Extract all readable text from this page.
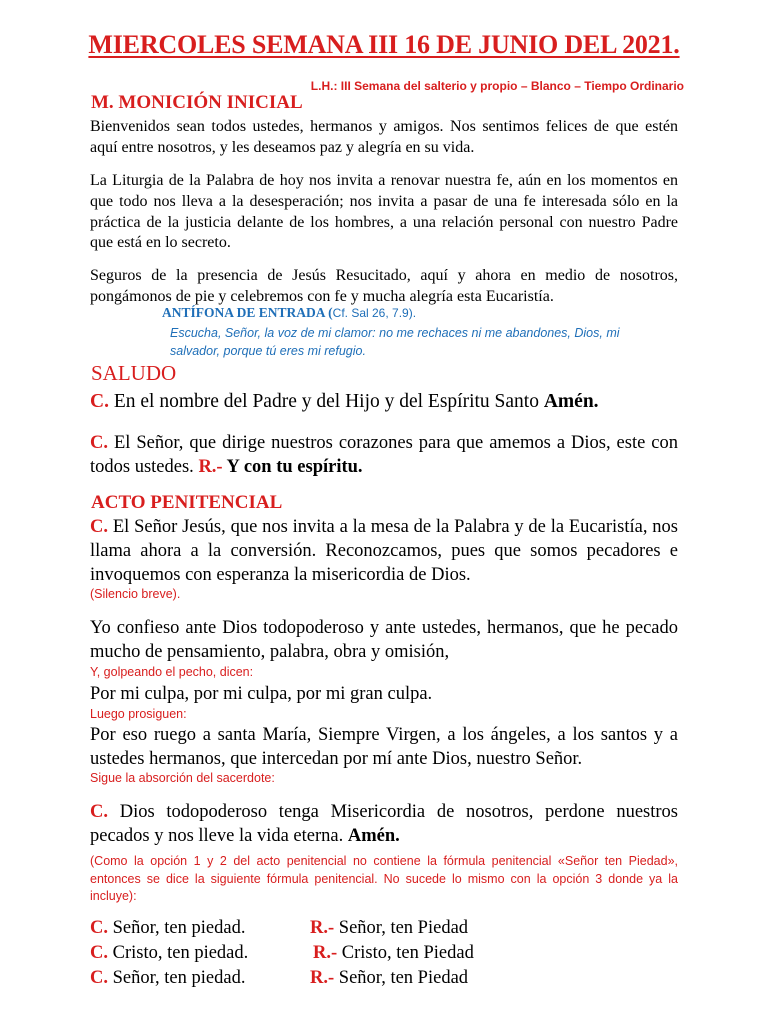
MIERCOLES SEMANA III 16 DE JUNIO DEL 2021.
L.H.: III Semana del salterio y propio – Blanco – Tiempo Ordinario
M. MONICIÓN INICIAL
Bienvenidos sean todos ustedes, hermanos y amigos. Nos sentimos felices de que estén aquí entre nosotros, y les deseamos paz y alegría en su vida.
La Liturgia de la Palabra de hoy nos invita a renovar nuestra fe, aún en los momentos en que todo nos lleva a la desesperación; nos invita a pasar de una fe interesada sólo en la práctica de la justicia delante de los hombres, a una relación personal con nuestro Padre que está en lo secreto.
Seguros de la presencia de Jesús Resucitado, aquí y ahora en medio de nosotros, pongámonos de pie y celebremos con fe y mucha alegría esta Eucaristía.
ANTÍFONA DE ENTRADA (Cf. Sal 26, 7.9).
Escucha, Señor, la voz de mi clamor: no me rechaces ni me abandones, Dios, mi salvador, porque tú eres mi refugio.
SALUDO
C. En el nombre del Padre y del Hijo y del Espíritu Santo Amén.
C. El Señor, que dirige nuestros corazones para que amemos a Dios, este con todos ustedes. R.- Y con tu espíritu.
ACTO PENITENCIAL
C. El Señor Jesús, que nos invita a la mesa de la Palabra y de la Eucaristía, nos llama ahora a la conversión. Reconozcamos, pues que somos pecadores e invoquemos con esperanza la misericordia de Dios.
(Silencio breve).
Yo confieso ante Dios todopoderoso y ante ustedes, hermanos, que he pecado mucho de pensamiento, palabra, obra y omisión,
Y, golpeando el pecho, dicen:
Por mi culpa, por mi culpa, por mi gran culpa.
Luego prosiguen:
Por eso ruego a santa María, Siempre Virgen, a los ángeles, a los santos y a ustedes hermanos, que intercedan por mí ante Dios, nuestro Señor.
Sigue la absorción del sacerdote:
C. Dios todopoderoso tenga Misericordia de nosotros, perdone nuestros pecados y nos lleve la vida eterna. Amén.
(Como la opción 1 y 2 del acto penitencial no contiene la fórmula penitencial «Señor ten Piedad», entonces se dice la siguiente fórmula penitencial. No sucede lo mismo con la opción 3 donde ya la incluye):
C. Señor, ten piedad.	R.- Señor, ten Piedad
C. Cristo, ten piedad.	R.- Cristo, ten Piedad
C. Señor, ten piedad.	R.- Señor, ten Piedad
